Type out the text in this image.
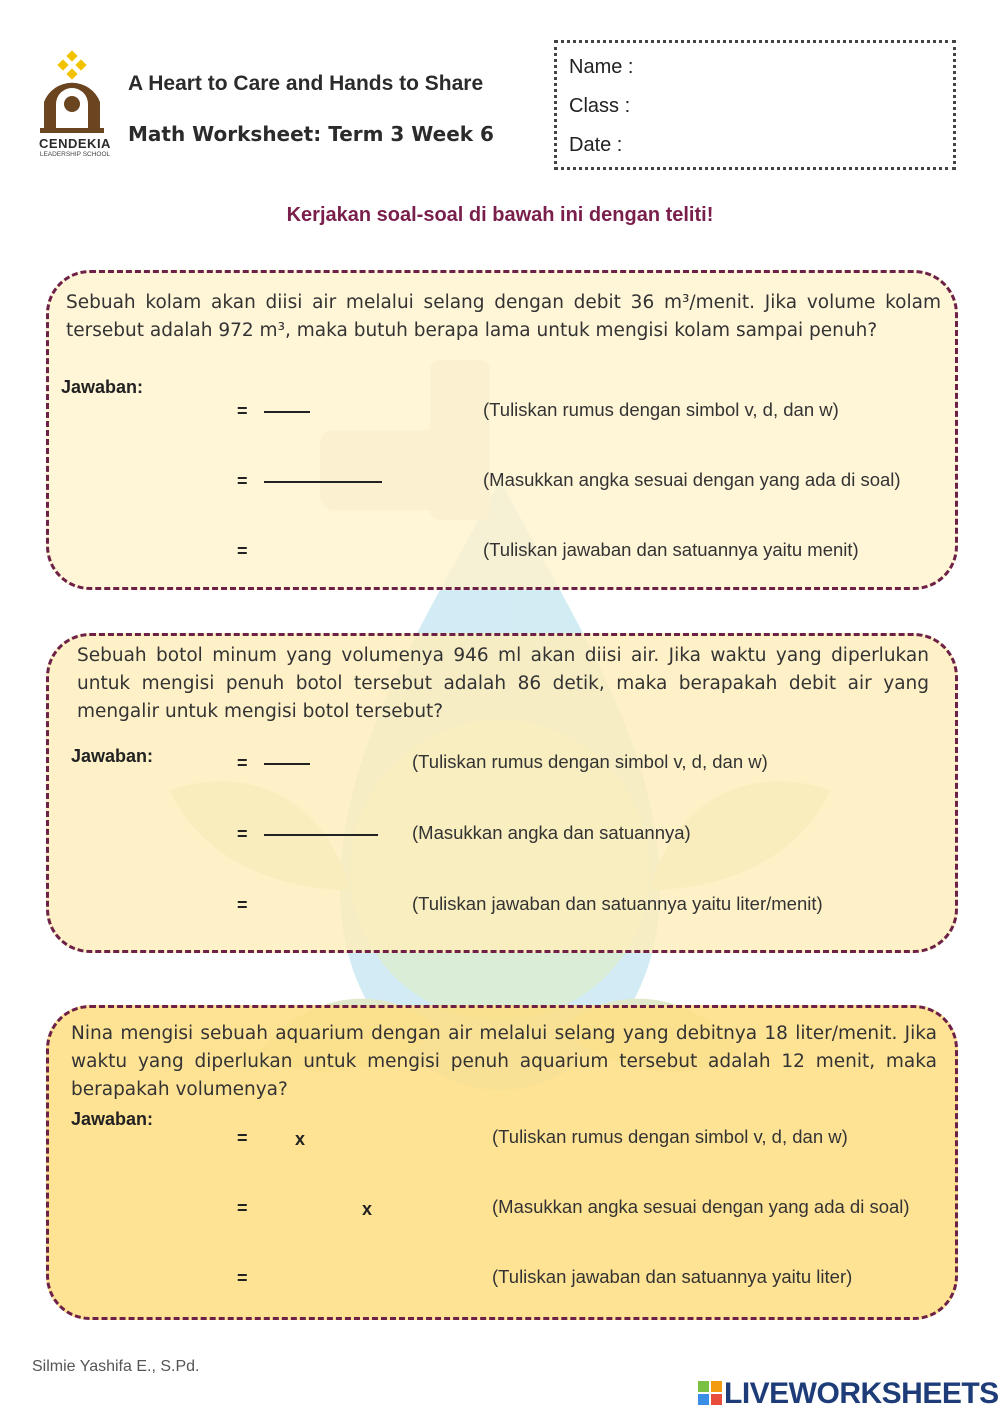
CENDEKIA
LEADERSHIP SCHOOL
A Heart to Care and Hands to Share
Math Worksheet: Term 3 Week 6
Name :
Class :
Date :
Kerjakan soal-soal di bawah ini dengan teliti!
Sebuah kolam akan diisi air melalui selang dengan debit 36 m³/menit. Jika volume kolam tersebut adalah 972 m³, maka butuh berapa lama untuk mengisi kolam sampai penuh?
Jawaban:
=	(Tuliskan rumus dengan simbol v, d, dan w)
=	(Masukkan angka sesuai dengan yang ada di soal)
=	(Tuliskan jawaban dan satuannya yaitu menit)
Sebuah botol minum yang volumenya 946 ml akan diisi air. Jika waktu yang diperlukan untuk mengisi penuh botol tersebut adalah 86 detik, maka berapakah debit air yang mengalir untuk mengisi botol tersebut?
Jawaban:	=	(Tuliskan rumus dengan simbol v, d, dan w)
=	(Masukkan angka dan satuannya)
=	(Tuliskan jawaban dan satuannya yaitu liter/menit)
Nina mengisi sebuah aquarium dengan air melalui selang yang debitnya 18 liter/menit. Jika waktu yang diperlukan untuk mengisi penuh aquarium tersebut adalah 12 menit, maka berapakah volumenya?
Jawaban:
=	x	(Tuliskan rumus dengan simbol v, d, dan w)
=	x	(Masukkan angka sesuai dengan yang ada di soal)
=	(Tuliskan jawaban dan satuannya yaitu liter)
Silmie Yashifa E., S.Pd.
LIVEWORKSHEETS
